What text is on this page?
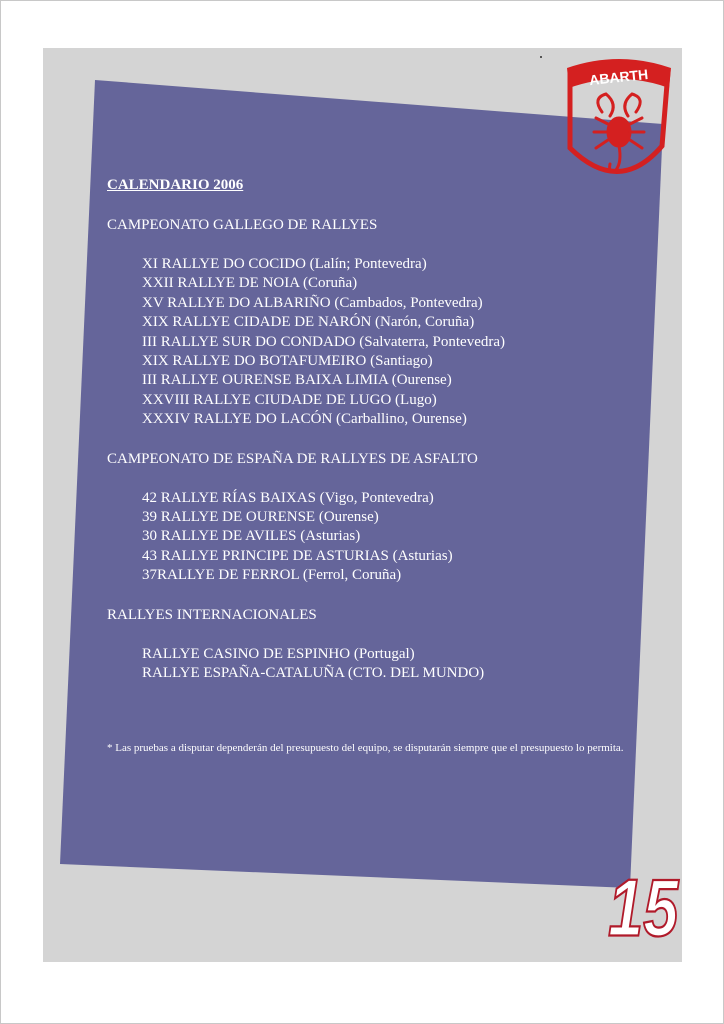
ABARTH

CALENDARIO 2006

CAMPEONATO GALLEGO DE RALLYES

XI RALLYE DO COCIDO (Lalín; Pontevedra)
XXII RALLYE DE NOIA (Coruña)
XV RALLYE DO ALBARIÑO (Cambados, Pontevedra)
XIX RALLYE CIDADE DE NARÓN (Narón, Coruña)
III RALLYE SUR DO CONDADO (Salvaterra, Pontevedra)
XIX RALLYE DO BOTAFUMEIRO (Santiago)
III RALLYE OURENSE BAIXA LIMIA (Ourense)
XXVIII RALLYE CIUDADE DE LUGO (Lugo)
XXXIV RALLYE DO LACÓN (Carballino, Ourense)

CAMPEONATO DE ESPAÑA DE RALLYES DE ASFALTO

42 RALLYE RÍAS BAIXAS (Vigo, Pontevedra)
39 RALLYE DE OURENSE (Ourense)
30 RALLYE DE AVILES (Asturias)
43 RALLYE PRINCIPE DE ASTURIAS (Asturias)
37RALLYE DE FERROL (Ferrol, Coruña)

RALLYES INTERNACIONALES

RALLYE CASINO DE ESPINHO (Portugal)
RALLYE ESPAÑA-CATALUÑA (CTO. DEL MUNDO)

* Las pruebas a disputar dependerán del presupuesto del equipo, se disputarán siempre que el presupuesto lo permita.

15
